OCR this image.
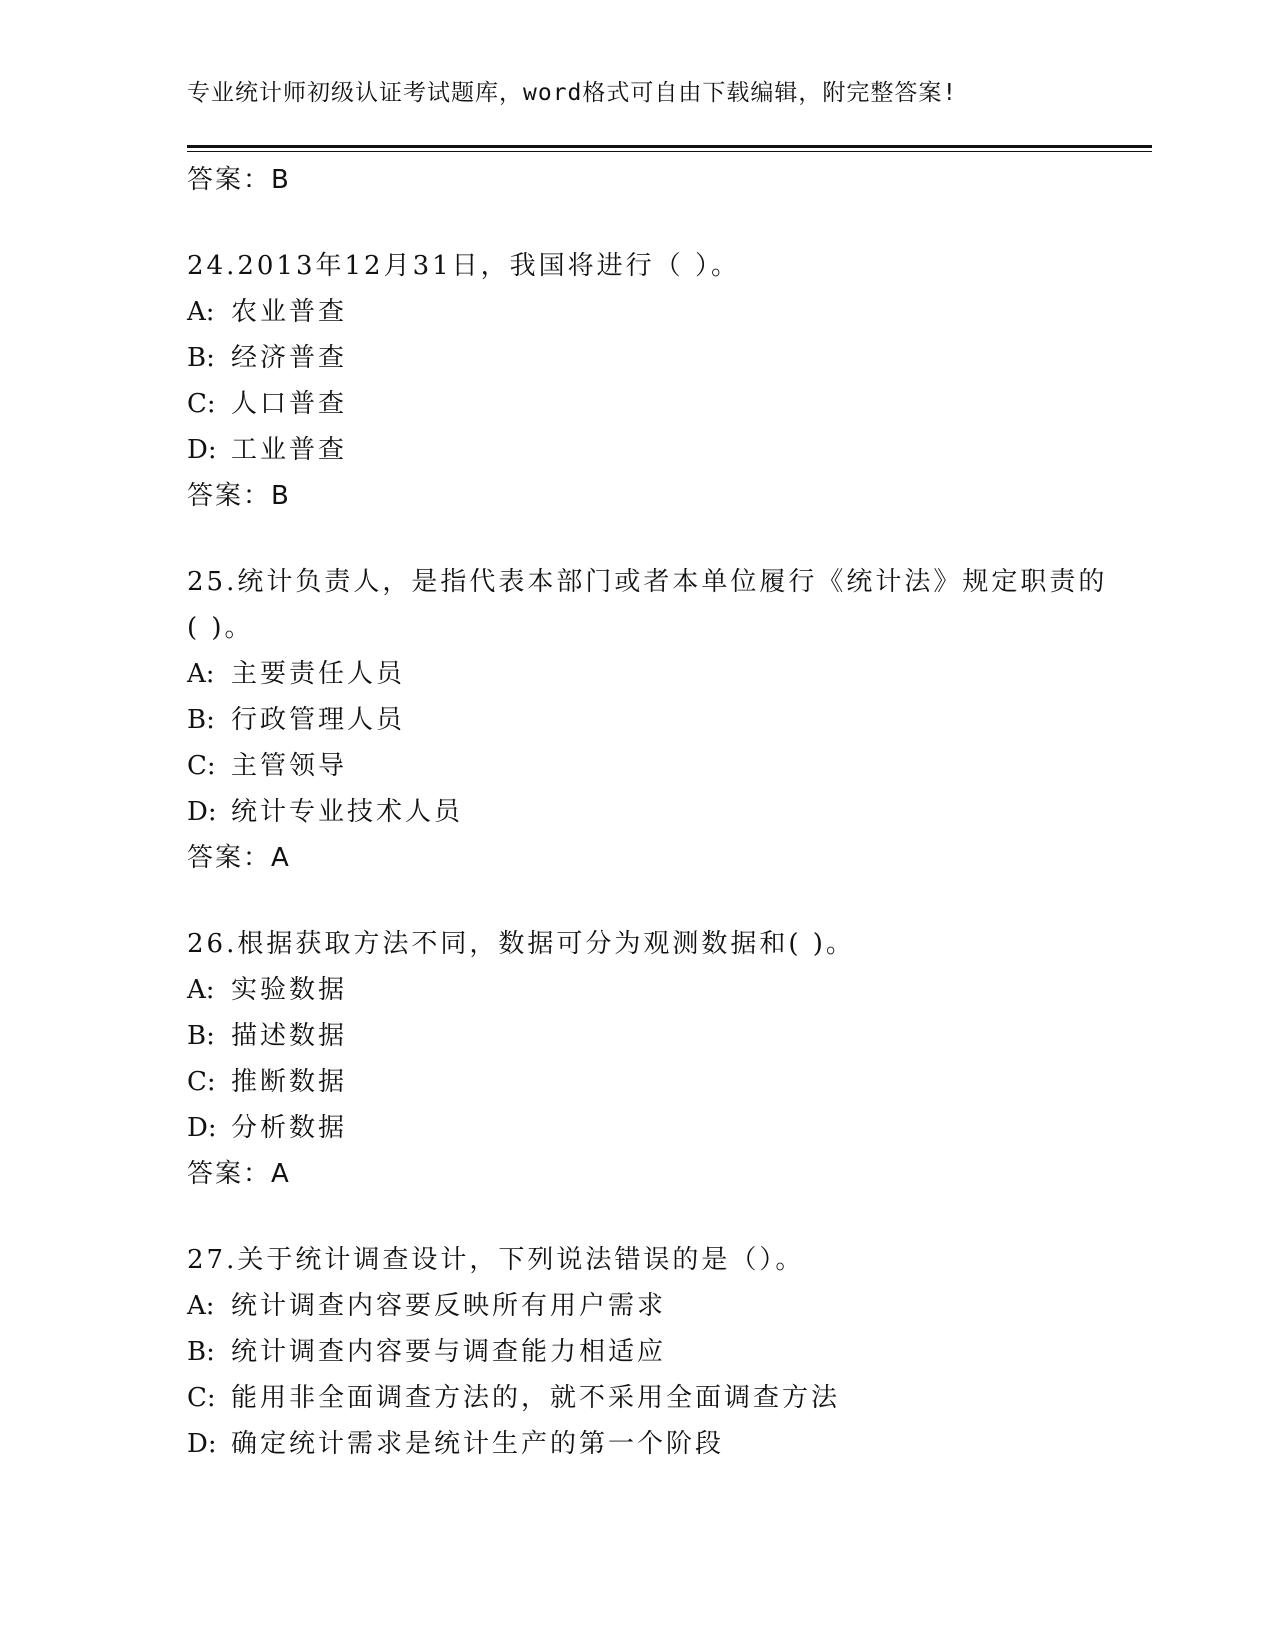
专业统计师初级认证考试题库，word格式可自由下载编辑，附完整答案!
答案：B
24.2013年12月31日，我国将进行（ ）。
A: 农业普查
B: 经济普查
C: 人口普查
D: 工业普查
答案：B
25.统计负责人，是指代表本部门或者本单位履行《统计法》规定职责的( )。
A: 主要责任人员
B: 行政管理人员
C: 主管领导
D: 统计专业技术人员
答案：A
26.根据获取方法不同，数据可分为观测数据和( )。
A: 实验数据
B: 描述数据
C: 推断数据
D: 分析数据
答案：A
27.关于统计调查设计，下列说法错误的是（）。
A: 统计调查内容要反映所有用户需求
B: 统计调查内容要与调查能力相适应
C: 能用非全面调查方法的，就不采用全面调查方法
D: 确定统计需求是统计生产的第一个阶段
